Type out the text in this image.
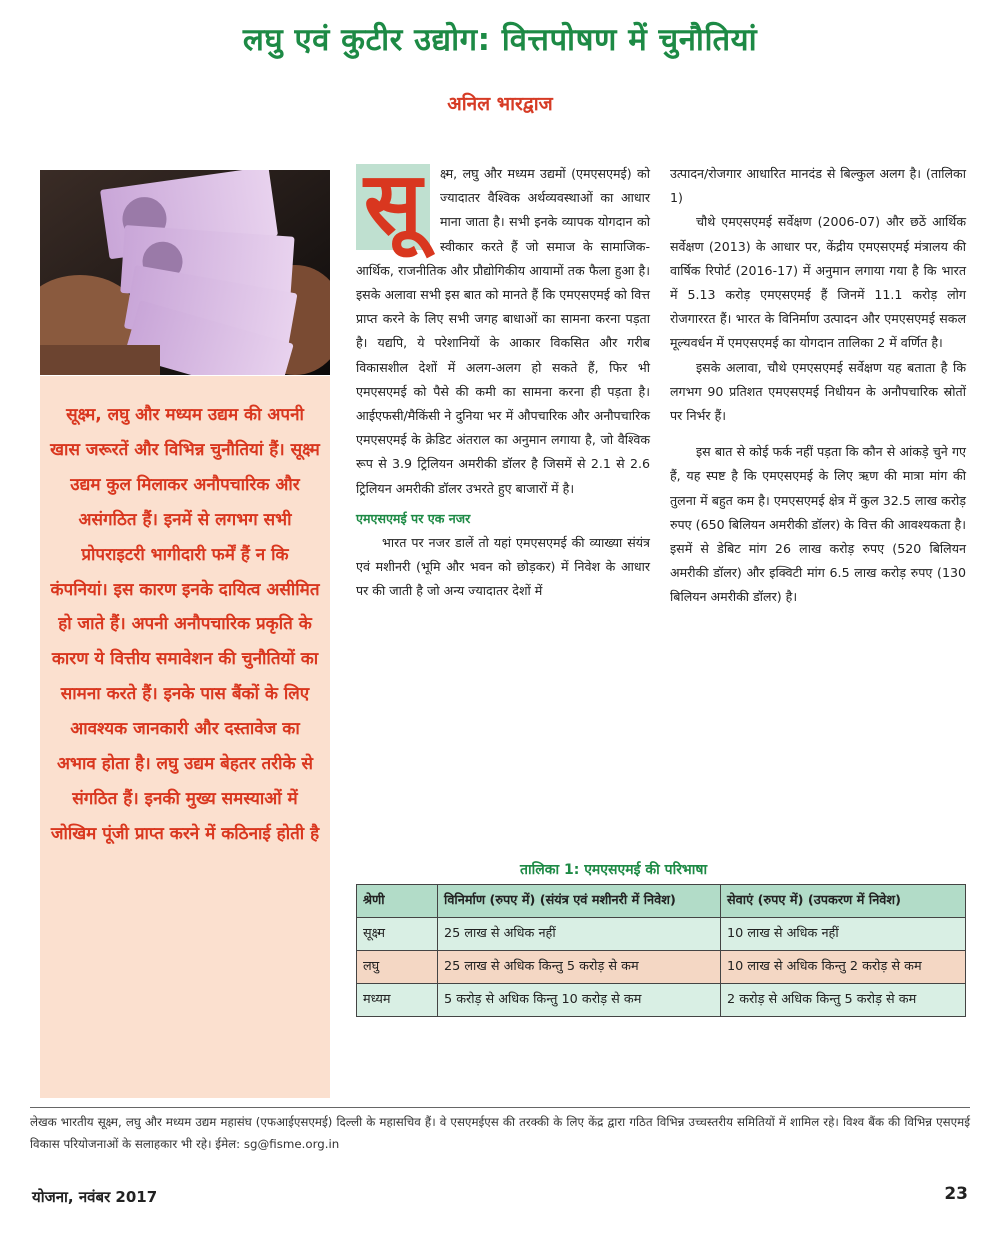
लघु एवं कुटीर उद्योग: वित्तपोषण में चुनौतियां
अनिल भारद्वाज

सूक्ष्म, लघु और मध्यम उद्यम की अपनी खास जरूरतें और विभिन्न चुनौतियां हैं। सूक्ष्म उद्यम कुल मिलाकर अनौपचारिक और असंगठित हैं। इनमें से लगभग सभी प्रोपराइटरी भागीदारी फर्में हैं न कि कंपनियां। इस कारण इनके दायित्व असीमित हो जाते हैं। अपनी अनौपचारिक प्रकृति के कारण ये वित्तीय समावेशन की चुनौतियों का सामना करते हैं। इनके पास बैंकों के लिए आवश्यक जानकारी और दस्तावेज का अभाव होता है। लघु उद्यम बेहतर तरीके से संगठित हैं। इनकी मुख्य समस्याओं में जोखिम पूंजी प्राप्त करने में कठिनाई होती है

सू	क्ष्म, लघु और मध्यम उद्यमों (एमएसएमई) को ज्यादातर वैश्विक अर्थव्यवस्थाओं का आधार माना जाता है। सभी इनके व्यापक योगदान को स्वीकार करते हैं जो समाज के सामाजिक-आर्थिक, राजनीतिक और प्रौद्योगिकीय आयामों तक फैला हुआ है। इसके अलावा सभी इस बात को मानते हैं कि एमएसएमई को वित्त प्राप्त करने के लिए सभी जगह बाधाओं का सामना करना पड़ता है। यद्यपि, ये परेशानियों के आकार विकसित और गरीब विकासशील देशों में अलग-अलग हो सकते हैं, फिर भी एमएसएमई को पैसे की कमी का सामना करना ही पड़ता है। आईएफसी/मैकिंसी ने दुनिया भर में औपचारिक और अनौपचारिक एमएसएमई के क्रेडिट अंतराल का अनुमान लगाया है, जो वैश्विक रूप से 3.9 ट्रिलियन अमरीकी डॉलर है जिसमें से 2.1 से 2.6 ट्रिलियन अमरीकी डॉलर उभरते हुए बाजारों में है।

एमएसएमई पर एक नजर

भारत पर नजर डालें तो यहां एमएसएमई की व्याख्या संयंत्र एवं मशीनरी (भूमि और भवन को छोड़कर) में निवेश के आधार पर की जाती है जो अन्य ज्यादातर देशों में

उत्पादन/रोजगार आधारित मानदंड से बिल्कुल अलग है। (तालिका 1)

चौथे एमएसएमई सर्वेक्षण (2006-07) और छठें आर्थिक सर्वेक्षण (2013) के आधार पर, केंद्रीय एमएसएमई मंत्रालय की वार्षिक रिपोर्ट (2016-17) में अनुमान लगाया गया है कि भारत में 5.13 करोड़ एमएसएमई हैं जिनमें 11.1 करोड़ लोग रोजगाररत हैं। भारत के विनिर्माण उत्पादन और एमएसएमई सकल मूल्यवर्धन में एमएसएमई का योगदान तालिका 2 में वर्णित है।

इसके अलावा, चौथे एमएसएमई सर्वेक्षण यह बताता है कि लगभग 90 प्रतिशत एमएसएमई निधीयन के अनौपचारिक स्रोतों पर निर्भर हैं।

इस बात से कोई फर्क नहीं पड़ता कि कौन से आंकड़े चुने गए हैं, यह स्पष्ट है कि एमएसएमई के लिए ऋण की मात्रा मांग की तुलना में बहुत कम है। एमएसएमई क्षेत्र में कुल 32.5 लाख करोड़ रुपए (650 बिलियन अमरीकी डॉलर) के वित्त की आवश्यकता है। इसमें से डेबिट मांग 26 लाख करोड़ रुपए (520 बिलियन अमरीकी डॉलर) और इक्विटी मांग 6.5 लाख करोड़ रुपए (130 बिलियन अमरीकी डॉलर) है।

तालिका 1: एमएसएमई की परिभाषा
श्रेणी	विनिर्माण (रुपए में) (संयंत्र एवं मशीनरी में निवेश)	सेवाएं (रुपए में) (उपकरण में निवेश)
सूक्ष्म	25 लाख से अधिक नहीं	10 लाख से अधिक नहीं
लघु	25 लाख से अधिक किन्तु 5 करोड़ से कम	10 लाख से अधिक किन्तु 2 करोड़ से कम
मध्यम	5 करोड़ से अधिक किन्तु 10 करोड़ से कम	2 करोड़ से अधिक किन्तु 5 करोड़ से कम
लेखक भारतीय सूक्ष्म, लघु और मध्यम उद्यम महासंघ (एफआईएसएमई) दिल्ली के महासचिव हैं। वे एसएमईएस की तरक्की के लिए केंद्र द्वारा गठित विभिन्न उच्चस्तरीय समितियों में शामिल रहे। विश्व बैंक की विभिन्न एसएमई विकास परियोजनाओं के सलाहकार भी रहे। ईमेल: sg@fisme.org.in
योजना, नवंबर 2017	23
